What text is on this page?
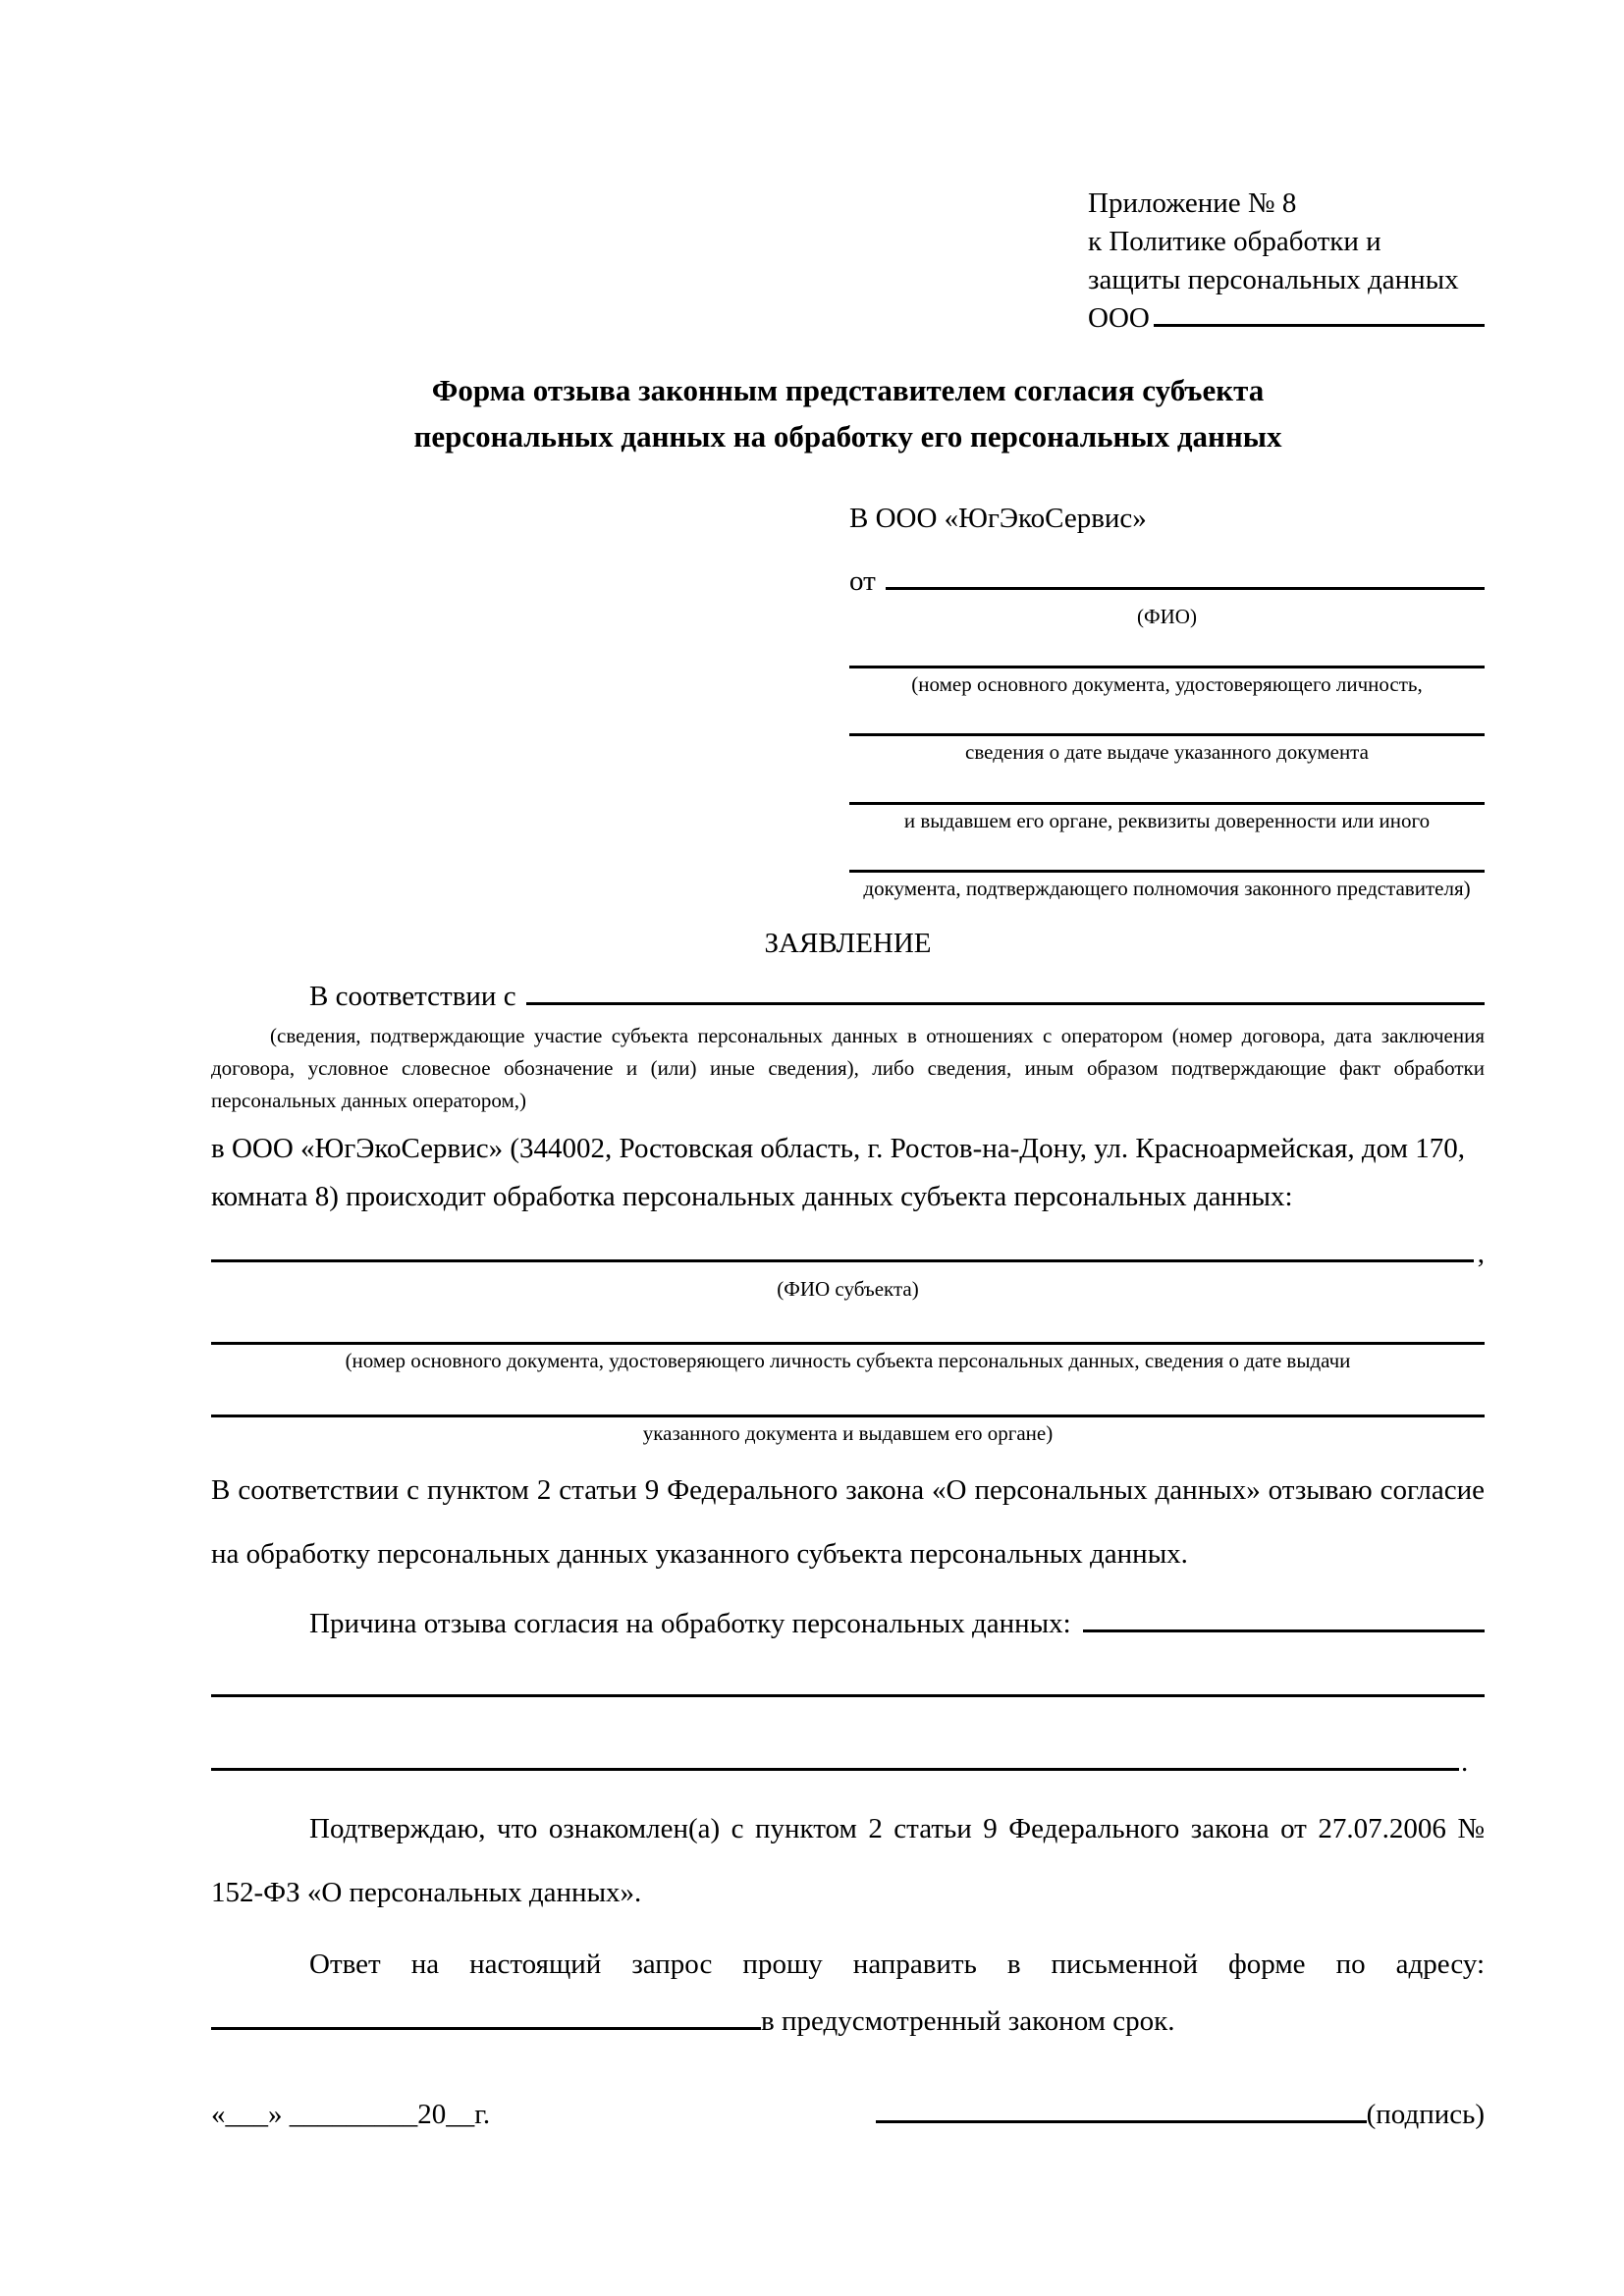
Приложение № 8
к Политике обработки и
защиты персональных данных
ООО
Форма отзыва законным представителем согласия субъекта
персональных данных на обработку его персональных данных
В ООО «ЮгЭкоСервис»
от
(ФИО)
(номер основного документа, удостоверяющего личность,
сведения о дате выдаче указанного документа
и выдавшем его органе, реквизиты доверенности или иного
документа, подтверждающего полномочия законного представителя)
ЗАЯВЛЕНИЕ
В соответствии с
(сведения, подтверждающие участие субъекта персональных данных в отношениях с оператором (номер договора, дата заключения договора, условное словесное обозначение и (или) иные сведения), либо сведения, иным образом подтверждающие факт обработки персональных данных оператором,)

в ООО «ЮгЭкоСервис» (344002, Ростовская область, г. Ростов-на-Дону, ул. Красноармейская, дом 170, комната 8) происходит обработка персональных данных субъекта персональных данных:

,
(ФИО субъекта)
(номер основного документа, удостоверяющего личность субъекта персональных данных, сведения о дате выдачи
указанного документа и выдавшем его органе)

В соответствии с пунктом 2 статьи 9 Федерального закона «О персональных данных» отзываю согласие на обработку персональных данных указанного субъекта персональных данных.

Причина отзыва согласия на обработку персональных данных:
.

Подтверждаю, что ознакомлен(а) с пунктом 2 статьи 9 Федерального закона от 27.07.2006 № 152-ФЗ «О персональных данных».

Ответ на настоящий запрос прошу направить в письменной форме по адресу:
в предусмотренный законом срок.
«___» _________20__г.	(подпись)
